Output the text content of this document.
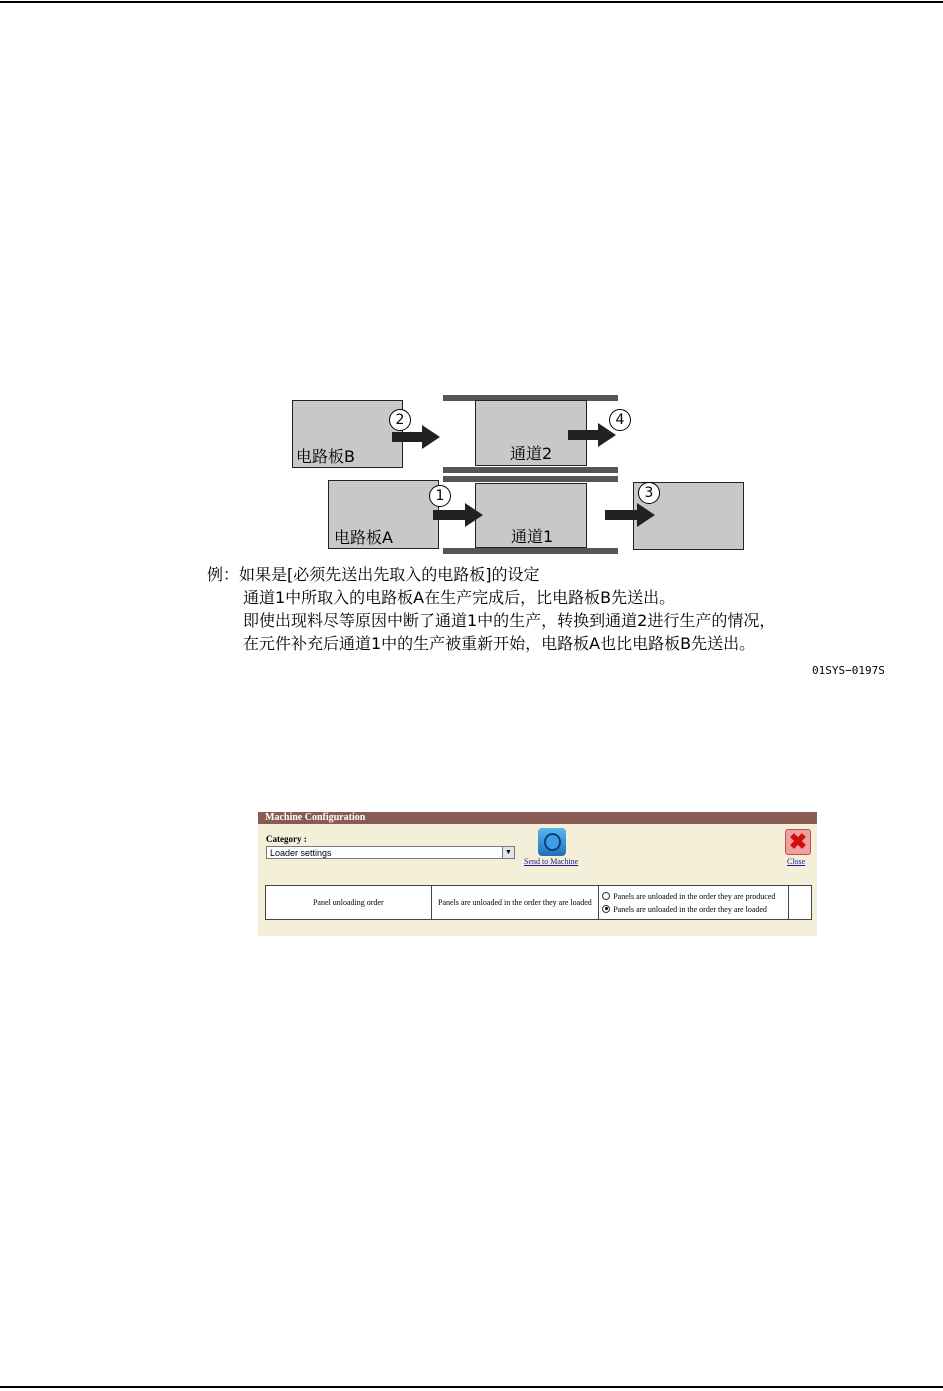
电路板B	通道2
电路板A	通道1
2	4
1	3
例：如果是[必须先送出先取入的电路板]的设定
通道1中所取入的电路板A在生产完成后，比电路板B先送出。
即使出现料尽等原因中断了通道1中的生产，转换到通道2进行生产的情况，
在元件补充后通道1中的生产被重新开始，电路板A也比电路板B先送出。
01SYS−0197S
Machine Configuration
Category :
Loader settings	▼
Send to Machine
✖
Close
Panel unloading order	Panels are unloaded in the order they are loaded	
Panels are unloaded in the order they are produced
Panels are unloaded in the order they are loaded
